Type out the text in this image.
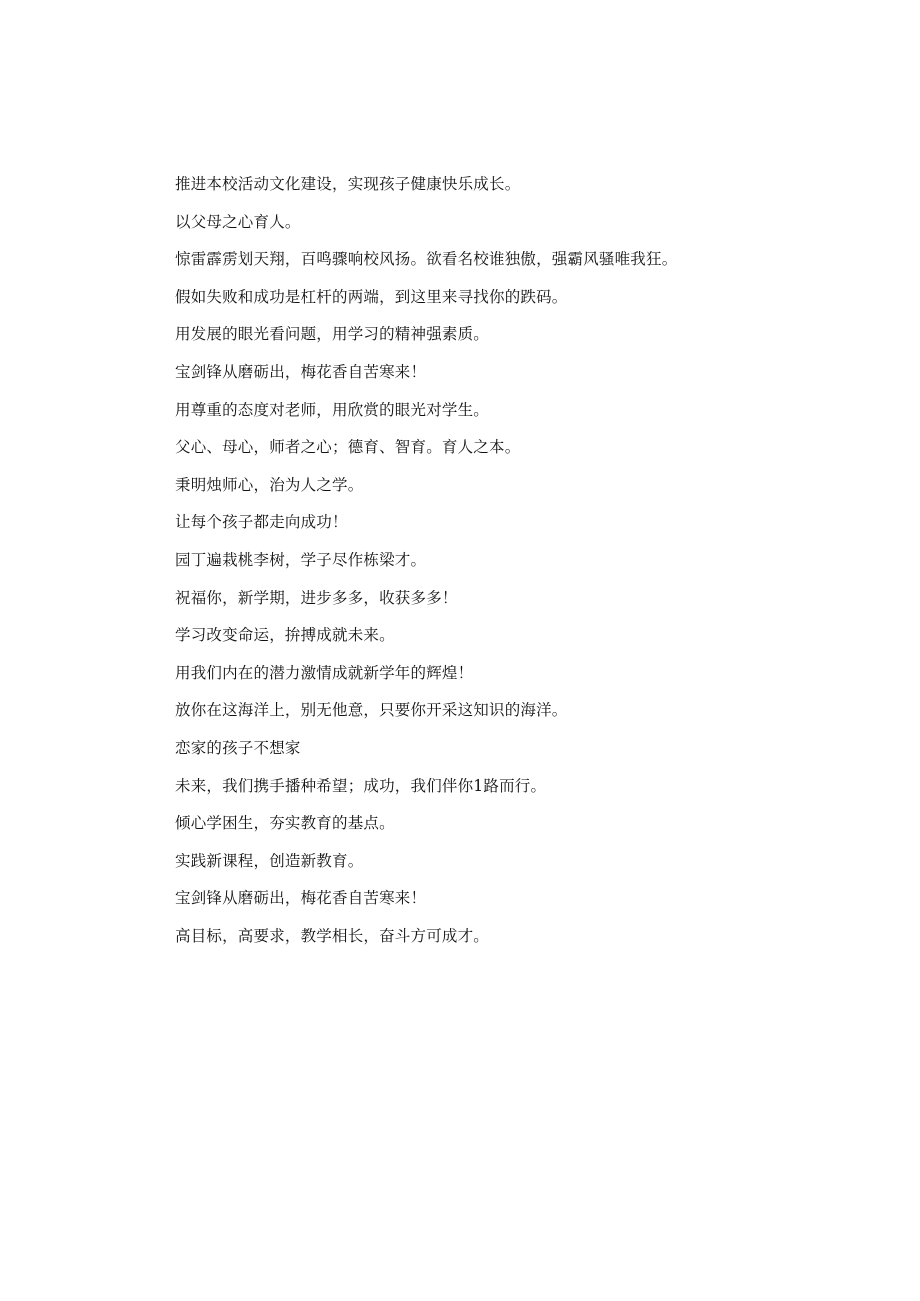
推进本校活动文化建设，实现孩子健康快乐成长。
以父母之心育人。
惊雷霹雳划天翔，百鸣骤响校风扬。欲看名校谁独傲，强霸风骚唯我狂。
假如失败和成功是杠杆的两端，到这里来寻找你的跌码。
用发展的眼光看问题，用学习的精神强素质。
宝剑锋从磨砺出，梅花香自苦寒来！
用尊重的态度对老师，用欣赏的眼光对学生。
父心、母心，师者之心；德育、智育。育人之本。
秉明烛师心，治为人之学。
让每个孩子都走向成功！
园丁遍栽桃李树，学子尽作栋梁才。
祝福你，新学期，进步多多，收获多多！
学习改变命运，拚搏成就未来。
用我们内在的潜力激情成就新学年的辉煌！
放你在这海洋上，别无他意，只要你开采这知识的海洋。
恋家的孩子不想家
未来，我们携手播种希望；成功，我们伴你1路而行。
倾心学困生，夯实教育的基点。
实践新课程，创造新教育。
宝剑锋从磨砺出，梅花香自苦寒来！
高目标，高要求，教学相长，奋斗方可成才。
